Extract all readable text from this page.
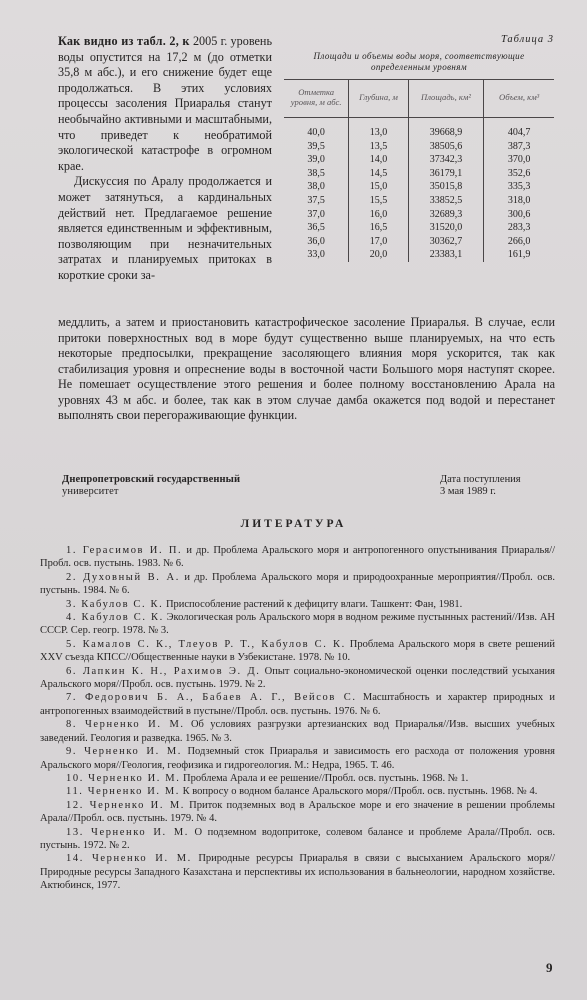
Как видно из табл. 2, к 2005 г. уровень воды опустится на 17,2 м (до отметки 35,8 м абс.), и его снижение будет еще продолжаться. В этих условиях процессы засоления Приаралья станут необычайно активными и масштабными, что приведет к необратимой экологической катастрофе в огромном крае.

Дискуссия по Аралу продолжается и может затянуться, а кардинальных действий нет. Предлагаемое решение является единственным и эффективным, позволяющим при незначительных затратах и планируемых притоках в короткие сроки за-

Таблица 3
Площади и объемы воды моря, соответствующие определенным уровням
Отметка уровня, м абс.	Глубина, м	Площадь, км²	Объем, км³
40,0	13,0	39668,9	404,7
39,5	13,5	38505,6	387,3
39,0	14,0	37342,3	370,0
38,5	14,5	36179,1	352,6
38,0	15,0	35015,8	335,3
37,5	15,5	33852,5	318,0
37,0	16,0	32689,3	300,6
36,5	16,5	31520,0	283,3
36,0	17,0	30362,7	266,0
33,0	20,0	23383,1	161,9

меддлить, а затем и приостановить катастрофическое засоление Приаралья. В случае, если притоки поверхностных вод в море будут существенно выше планируемых, на что есть некоторые предпосылки, прекращение засоляющего влияния моря ускорится, так как стабилизация уровня и опреснение воды в восточной части Большого моря наступят скорее. Не помешает осуществление этого решения и более полному восстановлению Арала на уровнях 43 м абс. и более, так как в этом случае дамба окажется под водой и перестанет выполнять свои перегораживающие функции.

Днепропетровский государственный
университет
Дата поступления
3 мая 1989 г.
ЛИТЕРАТУРА

1. Герасимов И. П. и др. Проблема Аральского моря и антропогенного опустынивания Приаралья//Пробл. осв. пустынь. 1983. № 6.

2. Духовный В. А. и др. Проблема Аральского моря и природоохранные мероприятия//Пробл. осв. пустынь. 1984. № 6.

3. Кабулов С. К. Приспособление растений к дефициту влаги. Ташкент: Фан, 1981.

4. Кабулов С. К. Экологическая роль Аральского моря в водном режиме пустынных растений//Изв. АН СССР. Сер. геогр. 1978. № 3.

5. Камалов С. К., Тлеуов Р. Т., Кабулов С. К. Проблема Аральского моря в свете решений XXV съезда КПСС//Общественные науки в Узбекистане. 1978. № 10.

6. Лапкин К. Н., Рахимов Э. Д. Опыт социально-экономической оценки последствий усыхания Аральского моря//Пробл. осв. пустынь. 1979. № 2.

7. Федорович Б. А., Бабаев А. Г., Вейсов С. Масштабность и характер природных и антропогенных взаимодействий в пустыне//Пробл. осв. пустынь. 1976. № 6.

8. Черненко И. М. Об условиях разгрузки артезианских вод Приаралья//Изв. высших учебных заведений. Геология и разведка. 1965. № 3.

9. Черненко И. М. Подземный сток Приаралья и зависимость его расхода от положения уровня Аральского моря//Геология, геофизика и гидрогеология. М.: Недра, 1965. Т. 46.

10. Черненко И. М. Проблема Арала и ее решение//Пробл. осв. пустынь. 1968. № 1.

11. Черненко И. М. К вопросу о водном балансе Аральского моря//Пробл. осв. пустынь. 1968. № 4.

12. Черненко И. М. Приток подземных вод в Аральское море и его значение в решении проблемы Арала//Пробл. осв. пустынь. 1979. № 4.

13. Черненко И. М. О подземном водопритоке, солевом балансе и проблеме Арала//Пробл. осв. пустынь. 1972. № 2.

14. Черненко И. М. Природные ресурсы Приаралья в связи с высыханием Аральского моря//Природные ресурсы Западного Казахстана и перспективы их использования в бальнеологии, народном хозяйстве. Актюбинск, 1977.

9
